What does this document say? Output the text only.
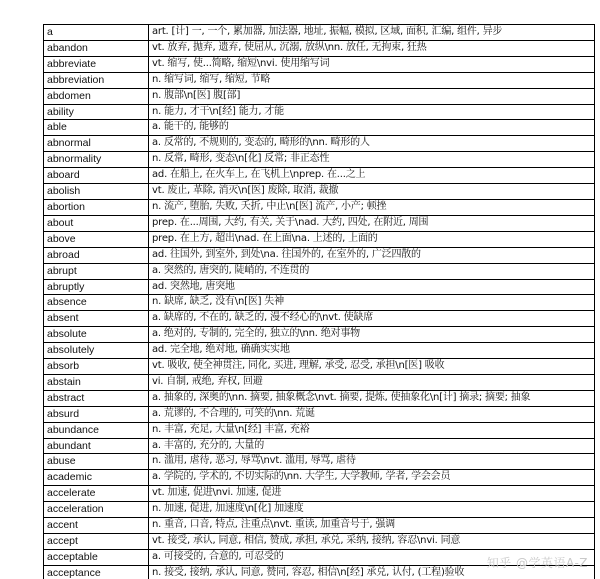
a	art. [计] 一, 一个, 累加器, 加法器, 地址, 振幅, 模拟, 区域, 面积, 汇编, 组件, 异步
abandon	vt. 放弃, 抛弃, 遗弃, 使屈从, 沉溺, 放纵\nn. 放任, 无拘束, 狂热
abbreviate	vt. 缩写, 使...简略, 缩短\nvi. 使用缩写词
abbreviation	n. 缩写词, 缩写, 缩短, 节略
abdomen	n. 腹部\n[医] 腹[部]
ability	n. 能力, 才干\n[经] 能力, 才能
able	a. 能干的, 能够的
abnormal	a. 反常的, 不规则的, 变态的, 畸形的\nn. 畸形的人
abnormality	n. 反常, 畸形, 变态\n[化] 反常; 非正态性
aboard	ad. 在船上, 在火车上, 在飞机上\nprep. 在...之上
abolish	vt. 废止, 革除, 消灭\n[医] 废除, 取消, 裁撤
abortion	n. 流产, 堕胎, 失败, 夭折, 中止\n[医] 流产, 小产; 顿挫
about	prep. 在...周围, 大约, 有关, 关于\nad. 大约, 四处, 在附近, 周围
above	prep. 在上方, 超出\nad. 在上面\na. 上述的, 上面的
abroad	ad. 往国外, 到室外, 到处\na. 往国外的, 在室外的, 广泛四散的
abrupt	a. 突然的, 唐突的, 陡峭的, 不连贯的
abruptly	ad. 突然地, 唐突地
absence	n. 缺席, 缺乏, 没有\n[医] 失神
absent	a. 缺席的, 不在的, 缺乏的, 漫不经心的\nvt. 使缺席
absolute	a. 绝对的, 专制的, 完全的, 独立的\nn. 绝对事物
absolutely	ad. 完全地, 绝对地, 确确实实地
absorb	vt. 吸收, 使全神贯注, 同化, 买进, 理解, 承受, 忍受, 承担\n[医] 吸收
abstain	vi. 自制, 戒绝, 弃权, 回避
abstract	a. 抽象的, 深奥的\nn. 摘要, 抽象概念\nvt. 摘要, 提炼, 使抽象化\n[计] 摘录; 摘要; 抽象
absurd	a. 荒谬的, 不合理的, 可笑的\nn. 荒诞
abundance	n. 丰富, 充足, 大量\n[经] 丰富, 充裕
abundant	a. 丰富的, 充分的, 大量的
abuse	n. 滥用, 虐待, 恶习, 辱骂\nvt. 滥用, 辱骂, 虐待
academic	a. 学院的, 学术的, 不切实际的\nn. 大学生, 大学教师, 学者, 学会会员
accelerate	vt. 加速, 促进\nvi. 加速, 促进
acceleration	n. 加速, 促进, 加速度\n[化] 加速度
accent	n. 重音, 口音, 特点, 注重点\nvt. 重读, 加重音号于, 强调
accept	vt. 接受, 承认, 同意, 相信, 赞成, 承担, 承兑, 采纳, 接纳, 容忍\nvi. 同意
acceptable	a. 可接受的, 合意的, 可忍受的
acceptance	n. 接受, 接纳, 承认, 同意, 赞同, 容忍, 相信\n[经] 承兑, 认付, (工程)验收
知乎 @学英语A-Z
